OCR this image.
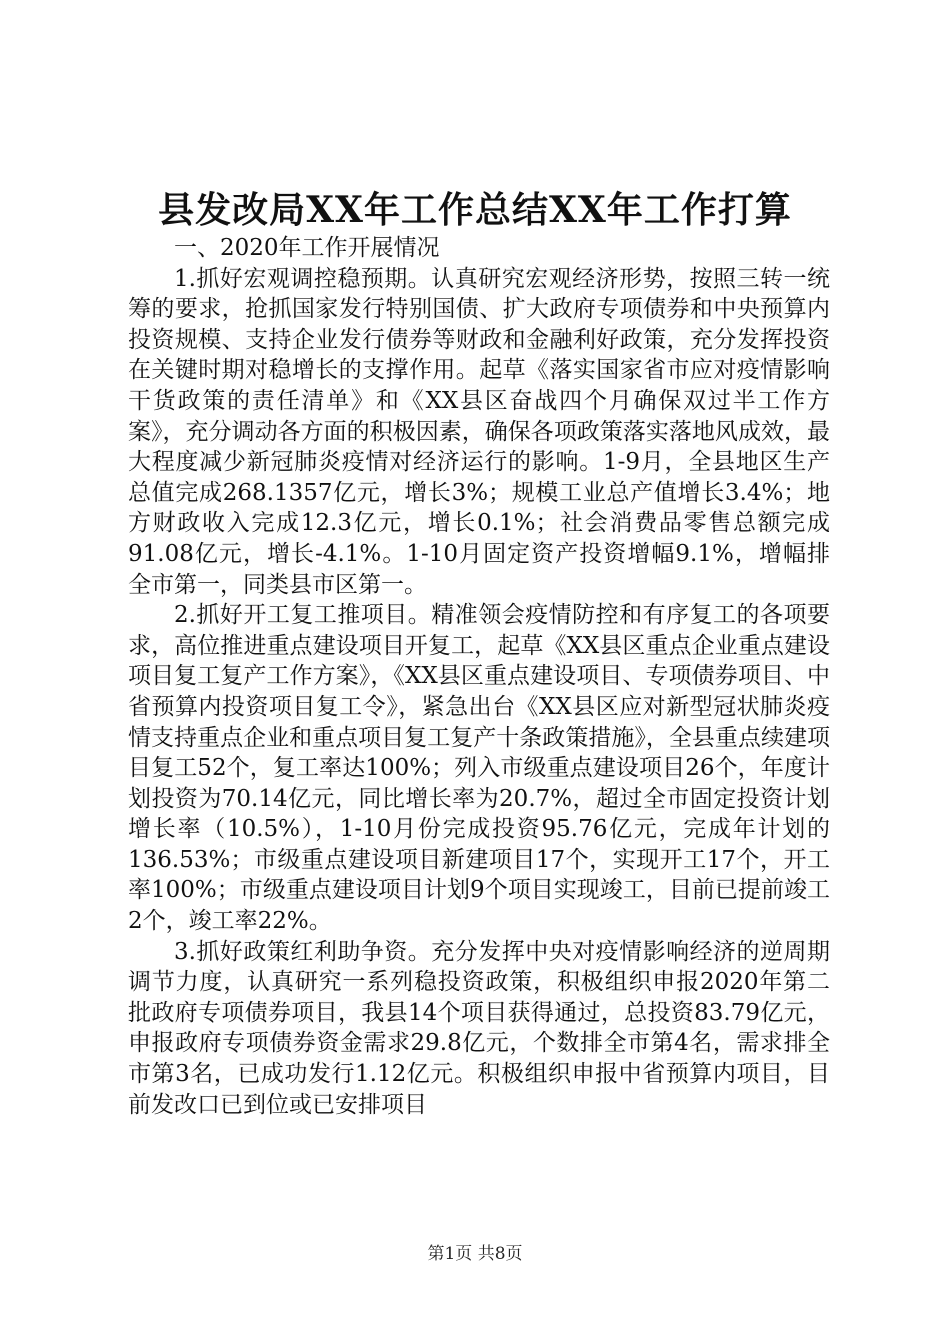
县发改局XX年工作总结XX年工作打算

一、2020年工作开展情况

1.抓好宏观调控稳预期。认真研究宏观经济形势，按照三转一统筹的要求，抢抓国家发行特别国债、扩大政府专项债券和中央预算内投资规模、支持企业发行债券等财政和金融利好政策，充分发挥投资在关键时期对稳增长的支撑作用。起草《落实国家省市应对疫情影响干货政策的责任清单》和《XX县区奋战四个月确保双过半工作方案》，充分调动各方面的积极因素，确保各项政策落实落地风成效，最大程度减少新冠肺炎疫情对经济运行的影响。1-9月，全县地区生产总值完成268.1357亿元，增长3%；规模工业总产值增长3.4%；地方财政收入完成12.3亿元，增长0.1%；社会消费品零售总额完成91.08亿元，增长-4.1%。1-10月固定资产投资增幅9.1%，增幅排全市第一，同类县市区第一。

2.抓好开工复工推项目。精准领会疫情防控和有序复工的各项要求，高位推进重点建设项目开复工，起草《XX县区重点企业重点建设项目复工复产工作方案》，《XX县区重点建设项目、专项债券项目、中省预算内投资项目复工令》，紧急出台《XX县区应对新型冠状肺炎疫情支持重点企业和重点项目复工复产十条政策措施》，全县重点续建项目复工52个，复工率达100%；列入市级重点建设项目26个，年度计划投资为70.14亿元，同比增长率为20.7%，超过全市固定投资计划增长率（10.5%），1-10月份完成投资95.76亿元，完成年计划的136.53%；市级重点建设项目新建项目17个，实现开工17个，开工率100%；市级重点建设项目计划9个项目实现竣工，目前已提前竣工2个，竣工率22%。

3.抓好政策红利助争资。充分发挥中央对疫情影响经济的逆周期调节力度，认真研究一系列稳投资政策，积极组织申报2020年第二批政府专项债券项目，我县14个项目获得通过，总投资83.79亿元，申报政府专项债券资金需求29.8亿元，个数排全市第4名，需求排全市第3名，已成功发行1.12亿元。积极组织申报中省预算内项目，目前发改口已到位或已安排项目

第1页 共8页
